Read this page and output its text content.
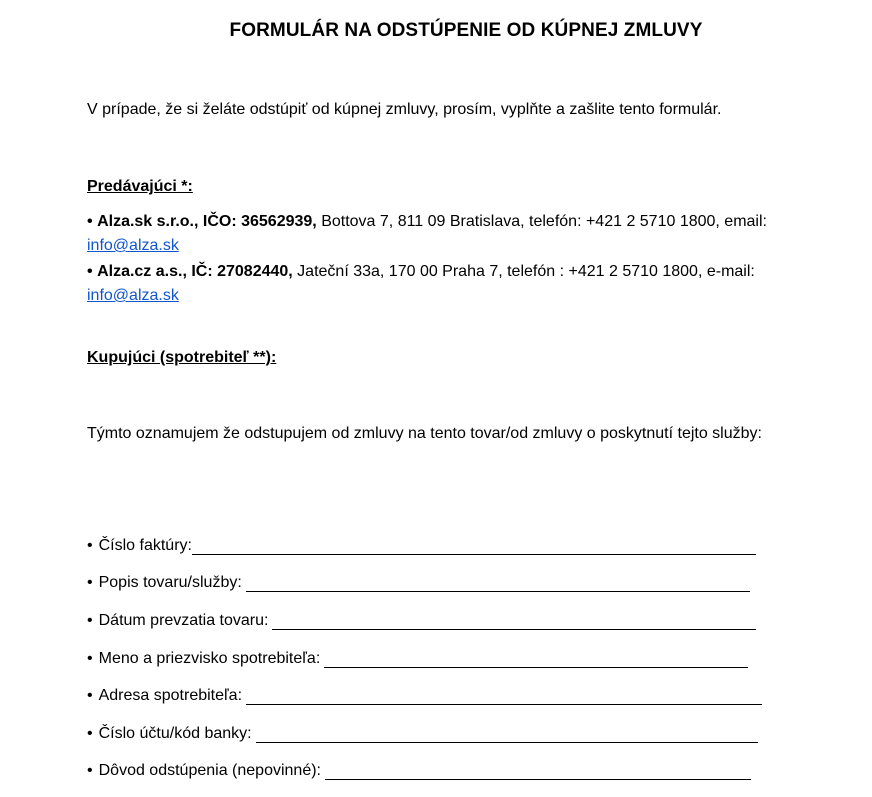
FORMULÁR NA ODSTÚPENIE OD KÚPNEJ ZMLUVY
V prípade, že si želáte odstúpiť od kúpnej zmluvy, prosím, vyplňte a zašlite tento formulár.
Predávajúci *:
• Alza.sk s.r.o., IČO: 36562939, Bottova 7, 811 09 Bratislava, telefón: +421 2 5710 1800, email:
info@alza.sk
• Alza.cz a.s., IČ: 27082440, Jateční 33a, 170 00 Praha 7, telefón : +421 2 5710 1800, e-mail:
info@alza.sk
Kupujúci (spotrebiteľ **):
Týmto oznamujem že odstupujem od zmluvy na tento tovar/od zmluvy o poskytnutí tejto služby:
• Číslo faktúry:
• Popis tovaru/služby:
• Dátum prevzatia tovaru:
• Meno a priezvisko spotrebiteľa:
• Adresa spotrebiteľa:
• Číslo účtu/kód banky:
• Dôvod odstúpenia (nepovinné):
